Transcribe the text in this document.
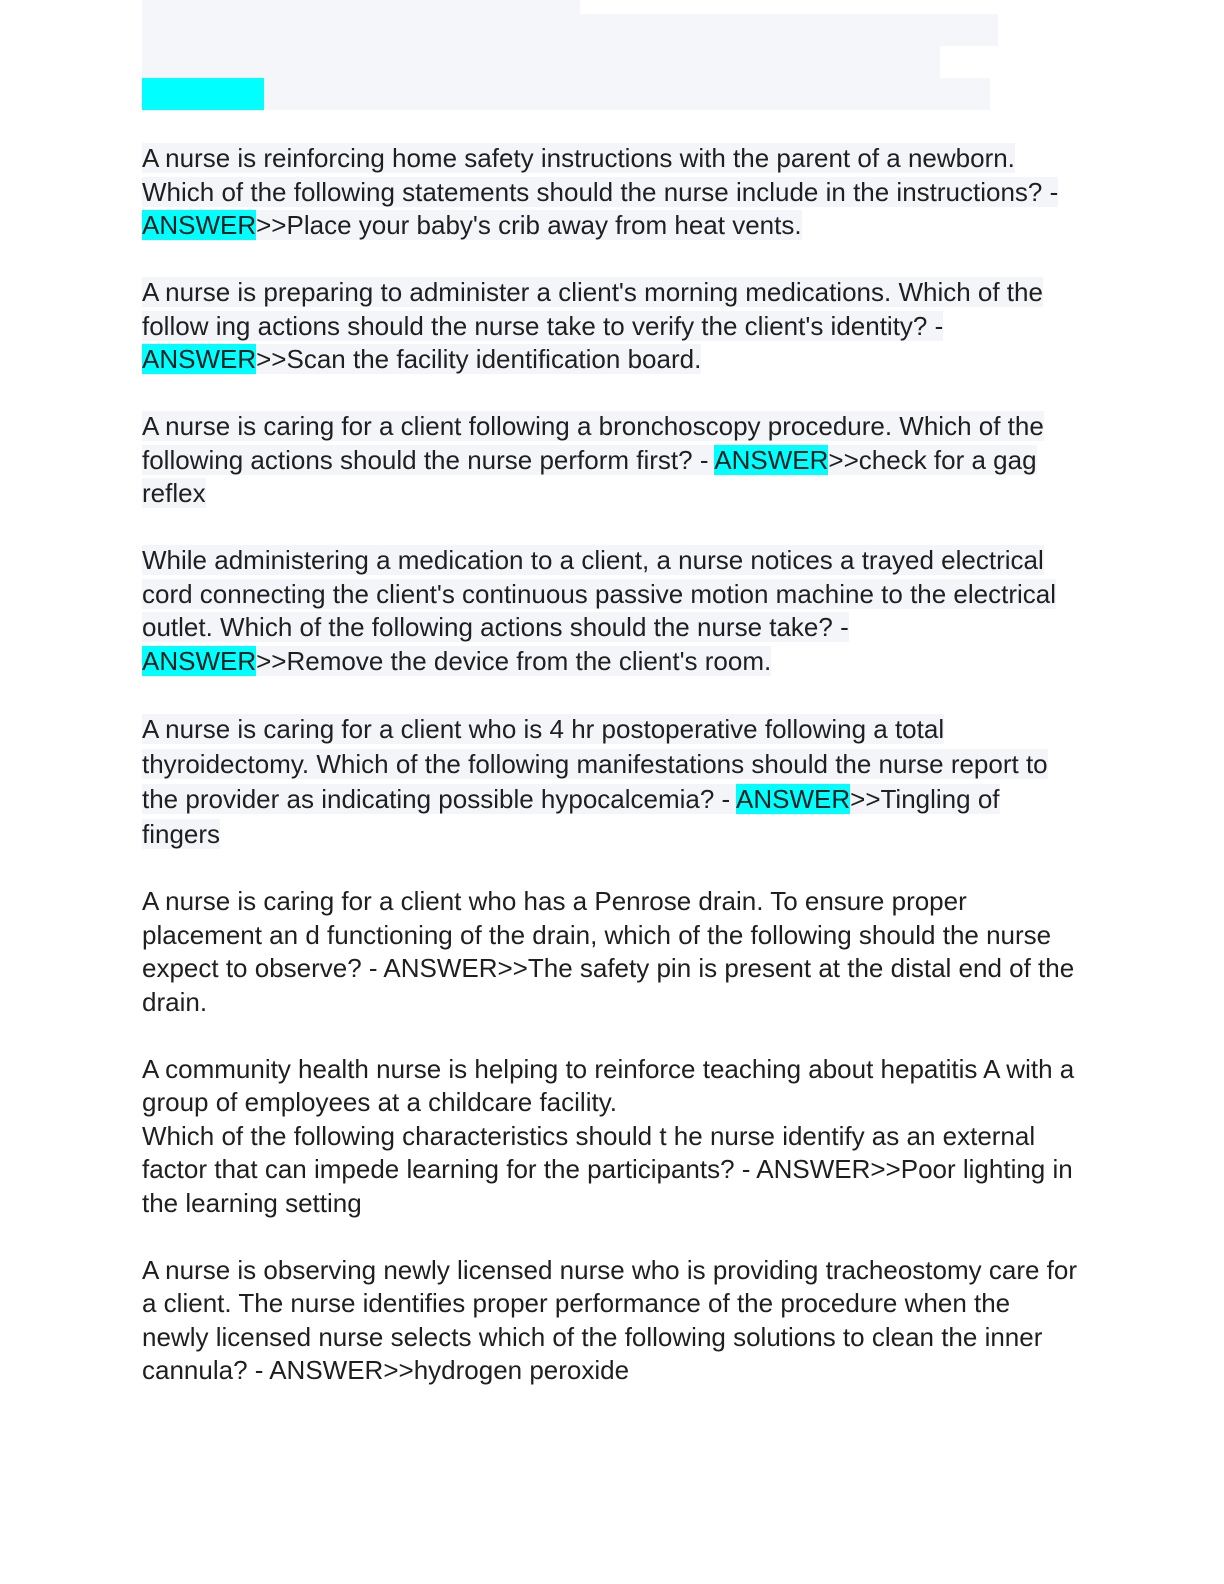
A nurse is reinforcing home safety instructions with the parent of a newborn. Which of the following statements should the nurse include in the instructions? - ANSWER>>Place your baby's crib away from heat vents.

A nurse is preparing to administer a client's morning medications. Which of the follow ing actions should the nurse take to verify the client's identity? - ANSWER>>Scan the facility identification board.

A nurse is caring for a client following a bronchoscopy procedure. Which of the following actions should the nurse perform first? - ANSWER>>check for a gag reflex

While administering a medication to a client, a nurse notices a trayed electrical cord connecting the client's continuous passive motion machine to the electrical outlet. Which of the following actions should the nurse take? - ANSWER>>Remove the device from the client's room.

A nurse is caring for a client who is 4 hr postoperative following a total thyroidectomy. Which of the following manifestations should the nurse report to the provider as indicating possible hypocalcemia? - ANSWER>>Tingling of fingers

A nurse is caring for a client who has a Penrose drain. To ensure proper placement an d functioning of the drain, which of the following should the nurse expect to observe? - ANSWER>>The safety pin is present at the distal end of the drain.

A community health nurse is helping to reinforce teaching about hepatitis A with a group of employees at a childcare facility.
Which of the following characteristics should t he nurse identify as an external factor that can impede learning for the participants? - ANSWER>>Poor lighting in the learning setting

A nurse is observing newly licensed nurse who is providing tracheostomy care for a client. The nurse identifies proper performance of the procedure when the newly licensed nurse selects which of the following solutions to clean the inner cannula? - ANSWER>>hydrogen peroxide
